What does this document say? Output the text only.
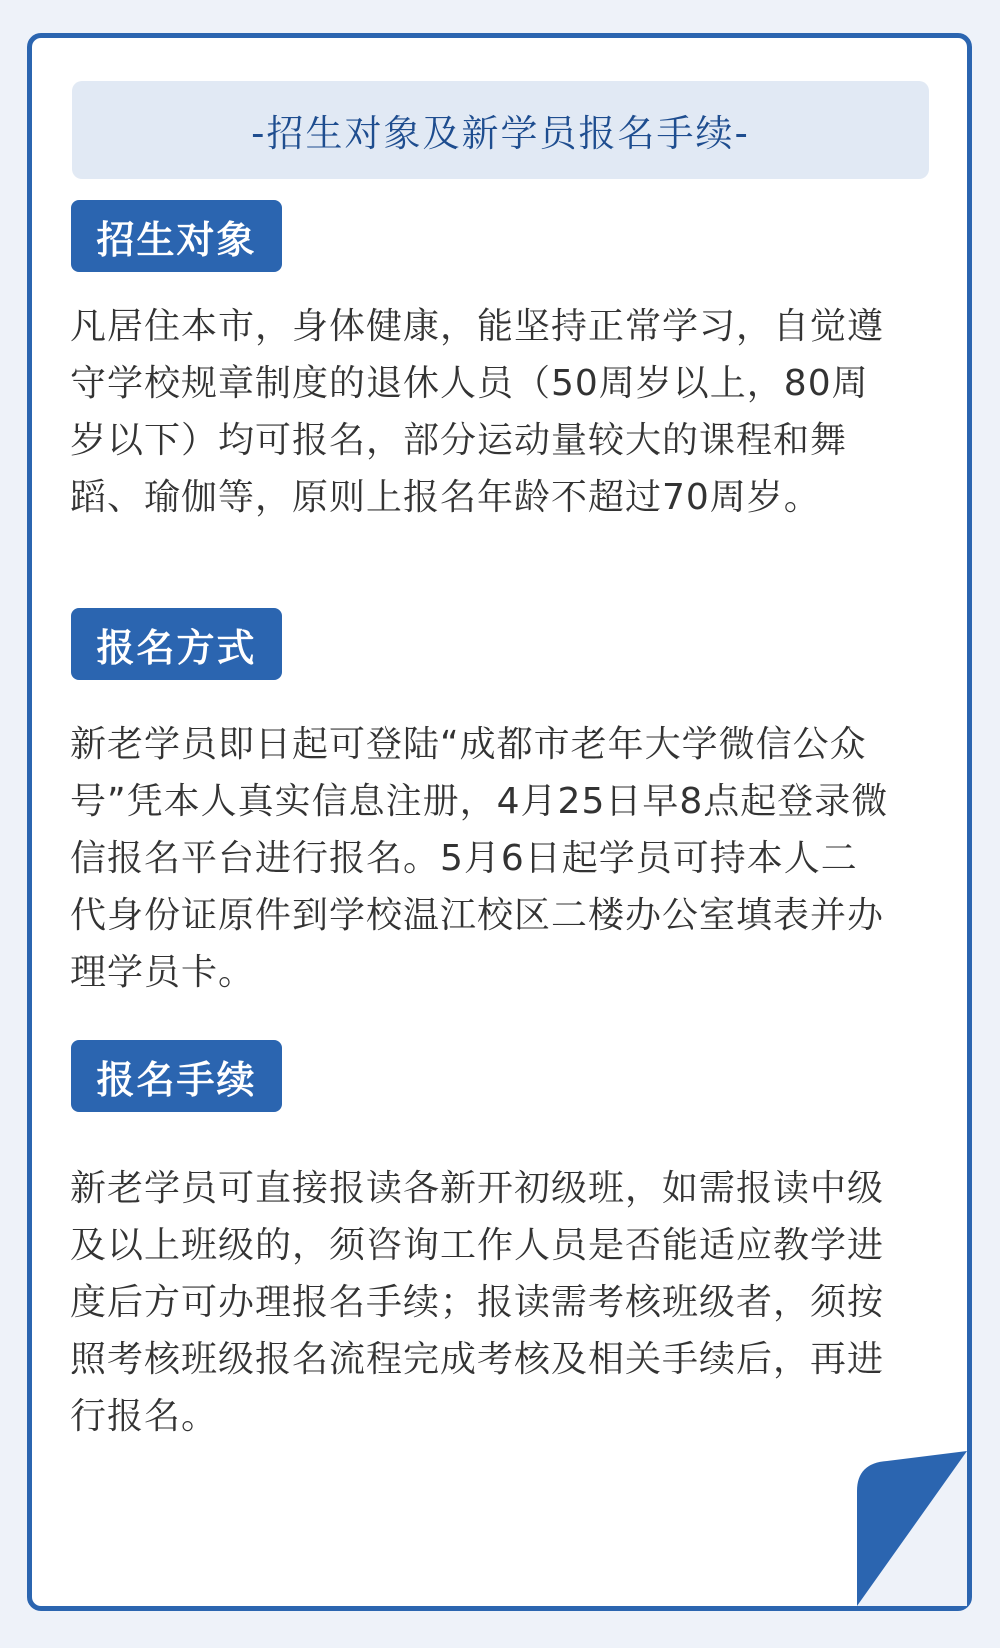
-招生对象及新学员报名手续-
招生对象

凡居住本市，身体健康，能坚持正常学习，自觉遵守学校规章制度的退休人员（50周岁以上，80周岁以下）均可报名，部分运动量较大的课程和舞蹈、瑜伽等，原则上报名年龄不超过70周岁。

报名方式

新老学员即日起可登陆“成都市老年大学微信公众号”凭本人真实信息注册，4月25日早8点起登录微信报名平台进行报名。5月6日起学员可持本人二代身份证原件到学校温江校区二楼办公室填表并办理学员卡。

报名手续

新老学员可直接报读各新开初级班，如需报读中级及以上班级的，须咨询工作人员是否能适应教学进度后方可办理报名手续；报读需考核班级者，须按照考核班级报名流程完成考核及相关手续后，再进行报名。
